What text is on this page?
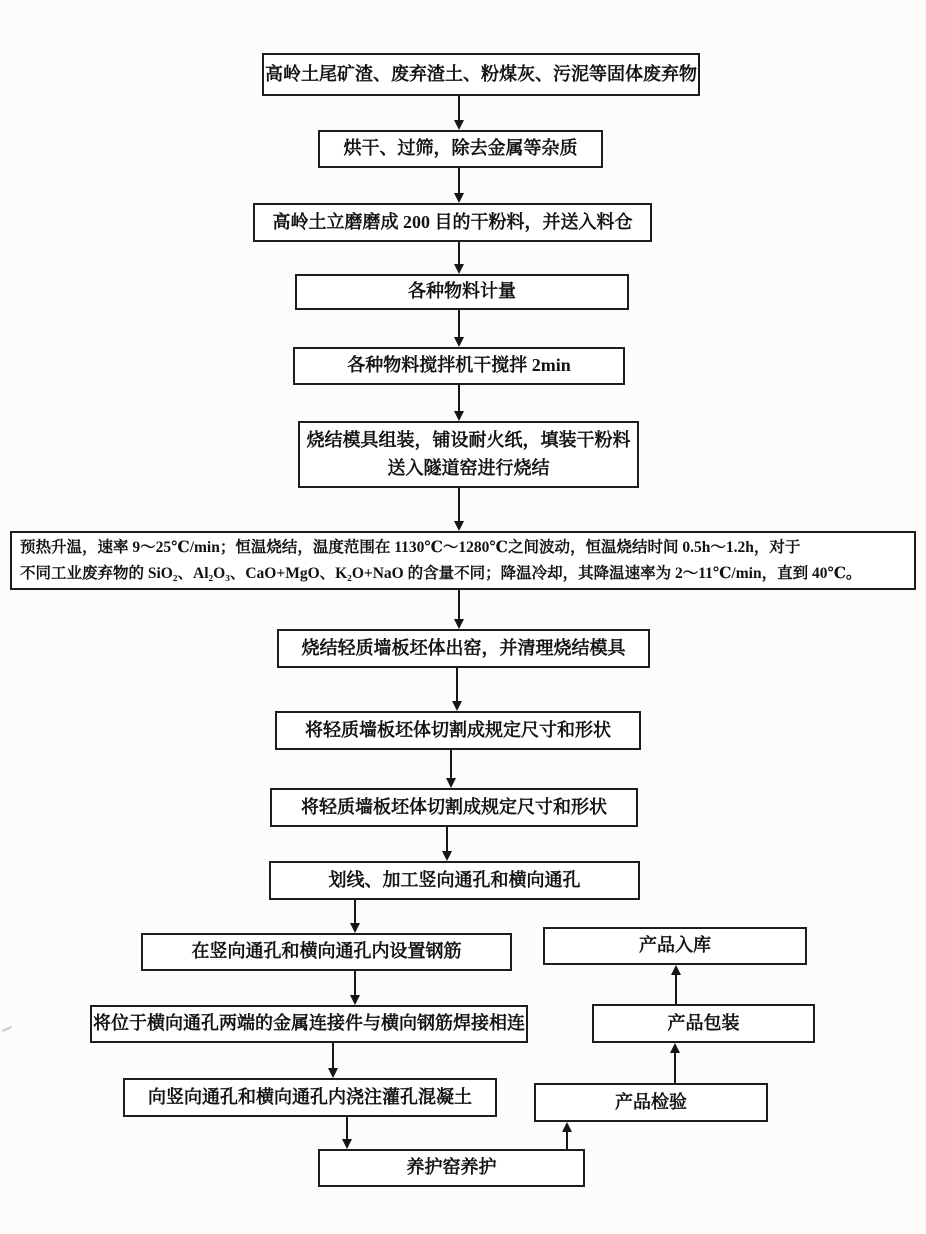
高岭土尾矿渣、废弃渣土、粉煤灰、污泥等固体废弃物
烘干、过筛，除去金属等杂质
高岭土立磨磨成 200 目的干粉料，并送入料仓
各种物料计量
各种物料搅拌机干搅拌 2min
烧结模具组装，铺设耐火纸，填装干粉料
送入隧道窑进行烧结
预热升温，速率 9～25℃/min；恒温烧结，温度范围在 1130℃～1280℃之间波动，恒温烧结时间 0.5h～1.2h，对于
不同工业废弃物的 SiO₂、Al₂O₃、CaO+MgO、K₂O+NaO 的含量不同；降温冷却，其降温速率为 2～11℃/min，直到 40℃。
烧结轻质墙板坯体出窑，并清理烧结模具
将轻质墙板坯体切割成规定尺寸和形状
将轻质墙板坯体切割成规定尺寸和形状
划线、加工竖向通孔和横向通孔
在竖向通孔和横向通孔内设置钢筋
将位于横向通孔两端的金属连接件与横向钢筋焊接相连
向竖向通孔和横向通孔内浇注灌孔混凝土
养护窑养护
产品入库
产品包装
产品检验
